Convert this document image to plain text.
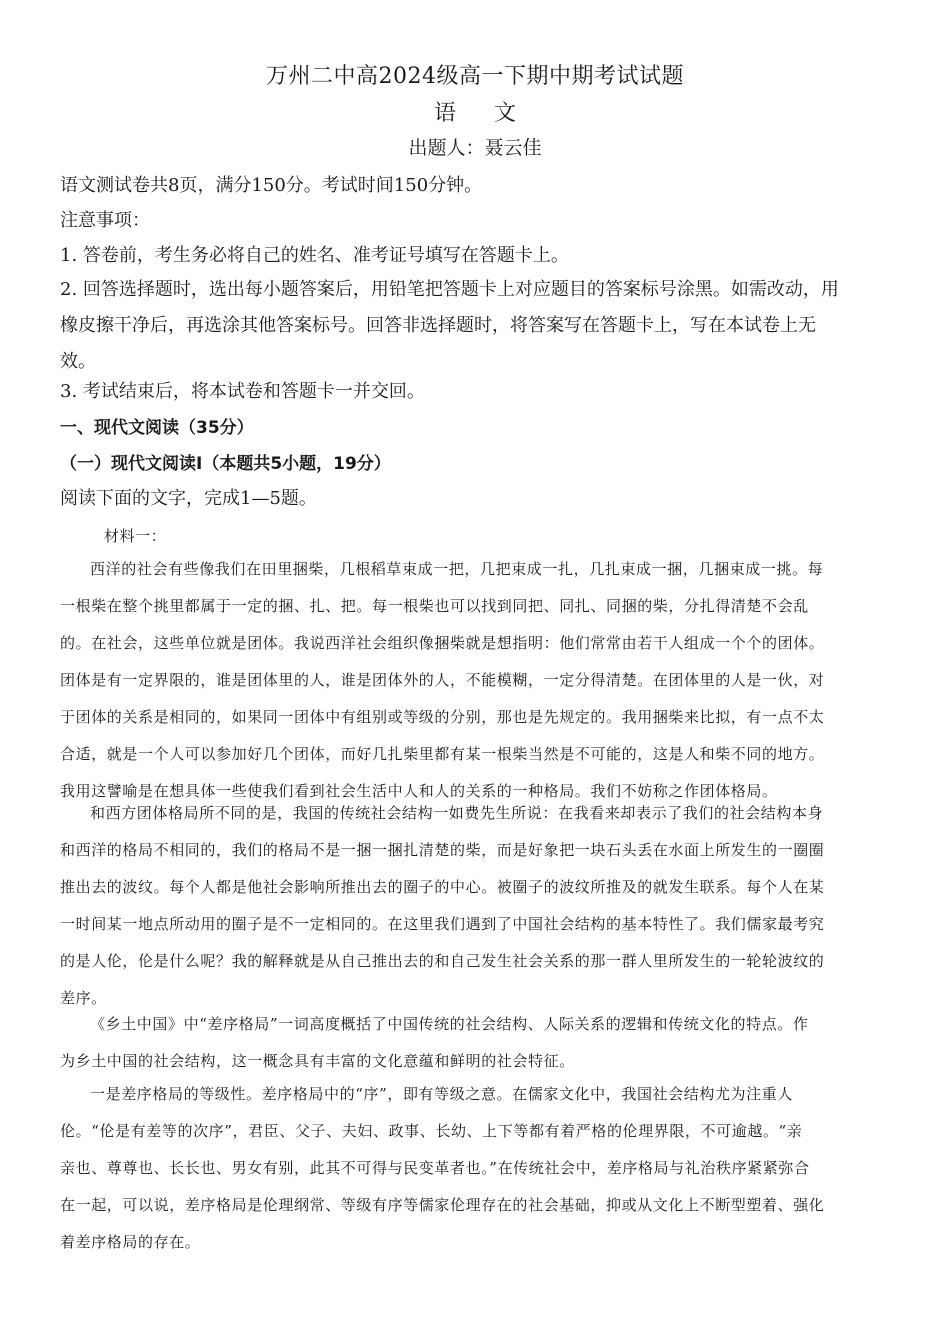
万州二中高2024级高一下期中期考试试题
语文
出题人：聂云佳
语文测试卷共8页，满分150分。考试时间150分钟。
注意事项：
1. 答卷前，考生务必将自己的姓名、准考证号填写在答题卡上。
2. 回答选择题时，选出每小题答案后，用铅笔把答题卡上对应题目的答案标号涂黑。如需改动，用
橡皮擦干净后，再选涂其他答案标号。回答非选择题时，将答案写在答题卡上，写在本试卷上无
效。
3. 考试结束后，将本试卷和答题卡一并交回。
一、现代文阅读（35分）
（一）现代文阅读Ⅰ（本题共5小题，19分）
阅读下面的文字，完成1—5题。
材料一：
西洋的社会有些像我们在田里捆柴，几根稻草束成一把，几把束成一扎，几扎束成一捆，几捆束成一挑。每
一根柴在整个挑里都属于一定的捆、扎、把。每一根柴也可以找到同把、同扎、同捆的柴，分扎得清楚不会乱
的。在社会，这些单位就是团体。我说西洋社会组织像捆柴就是想指明：他们常常由若干人组成一个个的团体。
团体是有一定界限的，谁是团体里的人，谁是团体外的人，不能模糊，一定分得清楚。在团体里的人是一伙，对
于团体的关系是相同的，如果同一团体中有组别或等级的分别，那也是先规定的。我用捆柴来比拟，有一点不太
合适，就是一个人可以参加好几个团体，而好几扎柴里都有某一根柴当然是不可能的，这是人和柴不同的地方。
我用这譬喻是在想具体一些使我们看到社会生活中人和人的关系的一种格局。我们不妨称之作团体格局。
和西方团体格局所不同的是，我国的传统社会结构一如费先生所说：在我看来却表示了我们的社会结构本身
和西洋的格局不相同的，我们的格局不是一捆一捆扎清楚的柴，而是好象把一块石头丢在水面上所发生的一圈圈
推出去的波纹。每个人都是他社会影响所推出去的圈子的中心。被圈子的波纹所推及的就发生联系。每个人在某
一时间某一地点所动用的圈子是不一定相同的。在这里我们遇到了中国社会结构的基本特性了。我们儒家最考究
的是人伦，伦是什么呢？我的解释就是从自己推出去的和自己发生社会关系的那一群人里所发生的一轮轮波纹的
差序。
《乡土中国》中“差序格局”一词高度概括了中国传统的社会结构、人际关系的逻辑和传统文化的特点。作
为乡土中国的社会结构，这一概念具有丰富的文化意蕴和鲜明的社会特征。
一是差序格局的等级性。差序格局中的“序”，即有等级之意。在儒家文化中，我国社会结构尤为注重人
伦。“伦是有差等的次序”，君臣、父子、夫妇、政事、长幼、上下等都有着严格的伦理界限，不可逾越。“亲
亲也、尊尊也、长长也、男女有别，此其不可得与民变革者也。”在传统社会中，差序格局与礼治秩序紧紧弥合
在一起，可以说，差序格局是伦理纲常、等级有序等儒家伦理存在的社会基础，抑或从文化上不断型塑着、强化
着差序格局的存在。
